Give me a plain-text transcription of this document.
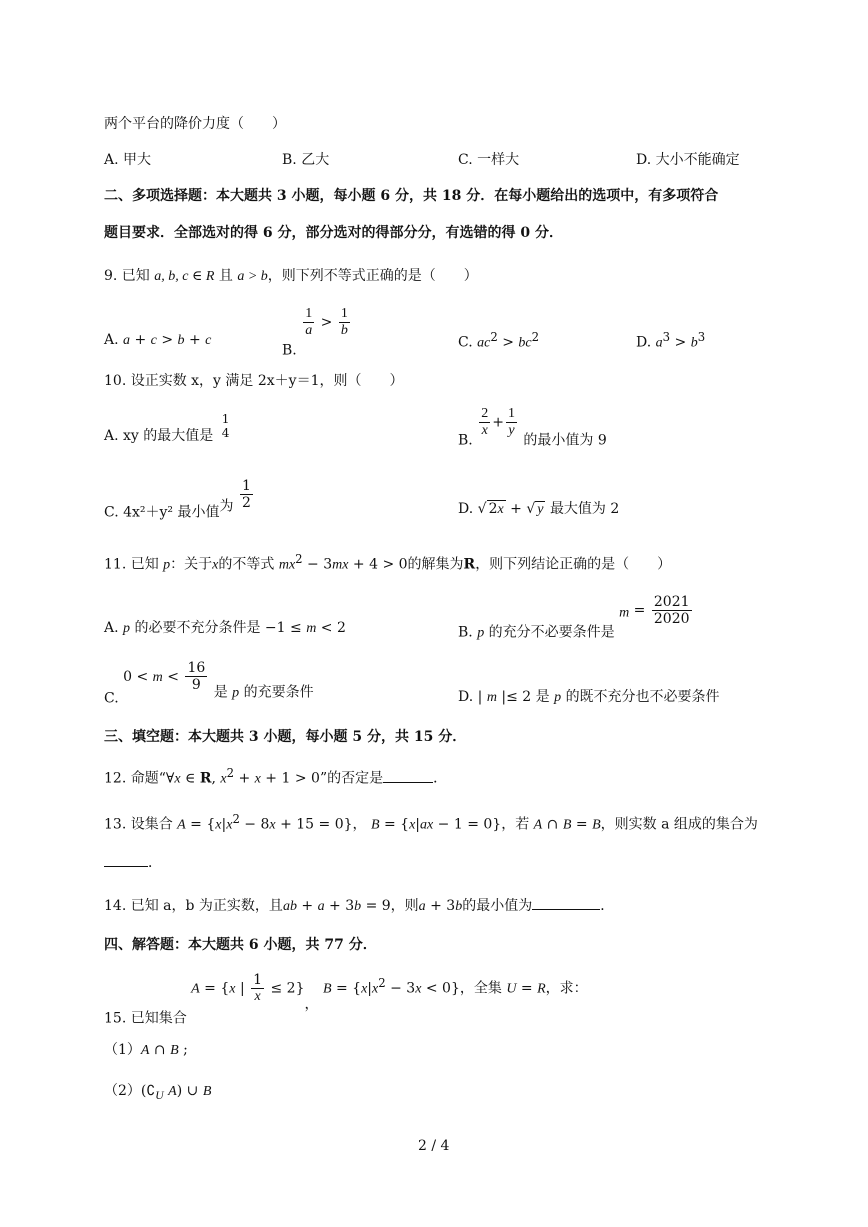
两个平台的降价力度（　　）
A. 甲大	B. 乙大	C. 一样大	D. 大小不能确定
二、多项选择题：本大题共 3 小题，每小题 6 分，共 18 分．在每小题给出的选项中，有多项符合
题目要求．全部选对的得 6 分，部分选对的得部分分，有选错的得 0 分．
9. 已知 a, b, c ∈ R 且 a > b，则下列不等式正确的是（　　）
A. a + c > b + c
B.
$\frac{1}{a} > \frac{1}{b}$
C. $ac^2 > bc^2$	D. $a^3 > b^3$
10. 设正实数 x，y 满足 2x＋y＝1，则（　　）
A. xy 的最大值是
1
4	B.
$\frac{2}{x} + \frac{1}{y}$
的最小值为 9
C. 4x²＋y² 最小值为 $\frac{1}{2}$	D. √ 2x + √ y 最大值为 2
11. 已知 p：关于x的不等式 $mx^2 - 3mx + 4 > 0$的解集为R，则下列结论正确的是（　　）
A. p 的必要不充分条件是 −1 ≤ m < 2	B. p 的充分不必要条件是 $m = \frac{2021}{2020}$
C. $0 < m < \frac{16}{9}$ 是 p 的充要条件	D. | m |≤ 2 是 p 的既不充分也不必要条件
三、填空题：本大题共 3 小题，每小题 5 分，共 15 分．
12. 命题“∀x ∈ R, $x^2 + x + 1 > 0$”的否定是	．
13. 设集合 $A = \{x|x^2 - 8x + 15 = 0\}$， B = {x|ax − 1 = 0}，若 A ∩ B = B，则实数 a 组成的集合为
．
14. 已知 a，b 为正实数，且ab + a + 3b = 9，则a + 3b的最小值为	．
四、解答题：本大题共 6 小题，共 77 分．
15. 已知集合 A = {x | $\frac{1}{x} \le 2$}， $B = \{x|x^2 - 3x < 0\}$，全集 U = R，求：
（1）A ∩ B ;
$(2)(∁_U$ A) ∪ B
2 / 4
